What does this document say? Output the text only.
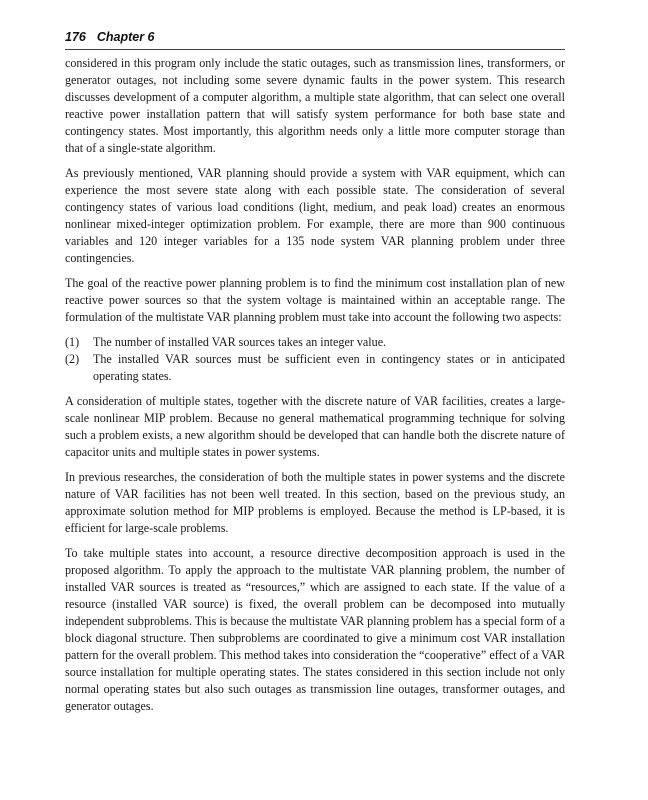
176 Chapter 6

considered in this program only include the static outages, such as transmission lines, transformers, or generator outages, not including some severe dynamic faults in the power system. This research discusses development of a computer algorithm, a multiple state algorithm, that can select one overall reactive power installation pattern that will satisfy system performance for both base state and contingency states. Most importantly, this algorithm needs only a little more computer storage than that of a single-state algorithm.

As previously mentioned, VAR planning should provide a system with VAR equipment, which can experience the most severe state along with each possible state. The consideration of several contingency states of various load conditions (light, medium, and peak load) creates an enormous nonlinear mixed-integer optimization problem. For example, there are more than 900 continuous variables and 120 integer variables for a 135 node system VAR planning problem under three contingencies.

The goal of the reactive power planning problem is to find the minimum cost installation plan of new reactive power sources so that the system voltage is maintained within an acceptable range. The formulation of the multistate VAR planning problem must take into account the following two aspects:

(1)	The number of installed VAR sources takes an integer value.
(2)	The installed VAR sources must be sufficient even in contingency states or in anticipated operating states.

A consideration of multiple states, together with the discrete nature of VAR facilities, creates a large-scale nonlinear MIP problem. Because no general mathematical programming technique for solving such a problem exists, a new algorithm should be developed that can handle both the discrete nature of capacitor units and multiple states in power systems.

In previous researches, the consideration of both the multiple states in power systems and the discrete nature of VAR facilities has not been well treated. In this section, based on the previous study, an approximate solution method for MIP problems is employed. Because the method is LP-based, it is efficient for large-scale problems.

To take multiple states into account, a resource directive decomposition approach is used in the proposed algorithm. To apply the approach to the multistate VAR planning problem, the number of installed VAR sources is treated as “resources,” which are assigned to each state. If the value of a resource (installed VAR source) is fixed, the overall problem can be decomposed into mutually independent subproblems. This is because the multistate VAR planning problem has a special form of a block diagonal structure. Then subproblems are coordinated to give a minimum cost VAR installation pattern for the overall problem. This method takes into consideration the “cooperative” effect of a VAR source installation for multiple operating states. The states considered in this section include not only normal operating states but also such outages as transmission line outages, transformer outages, and generator outages.
